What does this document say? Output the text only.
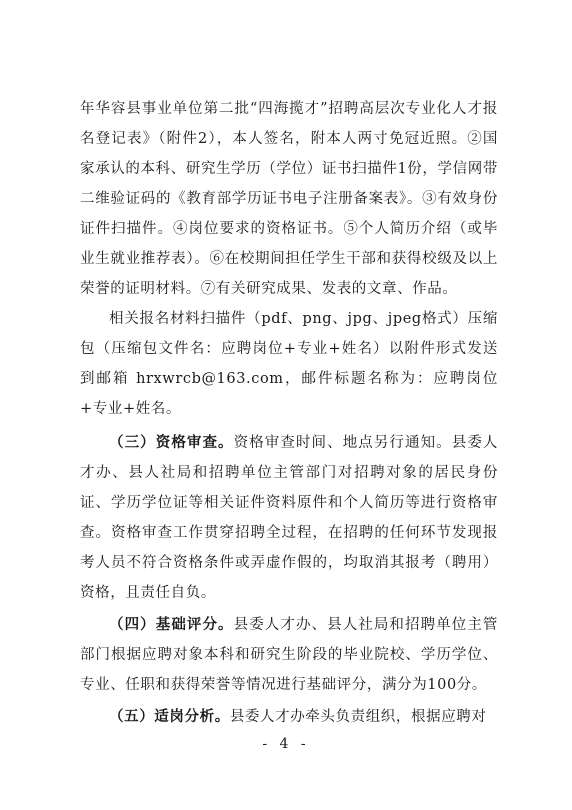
年华容县事业单位第二批“四海揽才”招聘高层次专业化人才报名登记表》（附件2），本人签名，附本人两寸免冠近照。②国家承认的本科、研究生学历（学位）证书扫描件1份，学信网带二维验证码的《教育部学历证书电子注册备案表》。③有效身份证件扫描件。④岗位要求的资格证书。⑤个人简历介绍（或毕业生就业推荐表）。⑥在校期间担任学生干部和获得校级及以上荣誉的证明材料。⑦有关研究成果、发表的文章、作品。

相关报名材料扫描件（pdf、png、jpg、jpeg格式）压缩包（压缩包文件名：应聘岗位+专业+姓名）以附件形式发送到邮箱 hrxwrcb@163.com，邮件标题名称为：应聘岗位+专业+姓名。

（三）资格审查。资格审查时间、地点另行通知。县委人才办、县人社局和招聘单位主管部门对招聘对象的居民身份证、学历学位证等相关证件资料原件和个人简历等进行资格审查。资格审查工作贯穿招聘全过程，在招聘的任何环节发现报考人员不符合资格条件或弄虚作假的，均取消其报考（聘用）资格，且责任自负。

（四）基础评分。县委人才办、县人社局和招聘单位主管部门根据应聘对象本科和研究生阶段的毕业院校、学历学位、专业、任职和获得荣誉等情况进行基础评分，满分为100分。

（五）适岗分析。县委人才办牵头负责组织，根据应聘对

- 4 -
